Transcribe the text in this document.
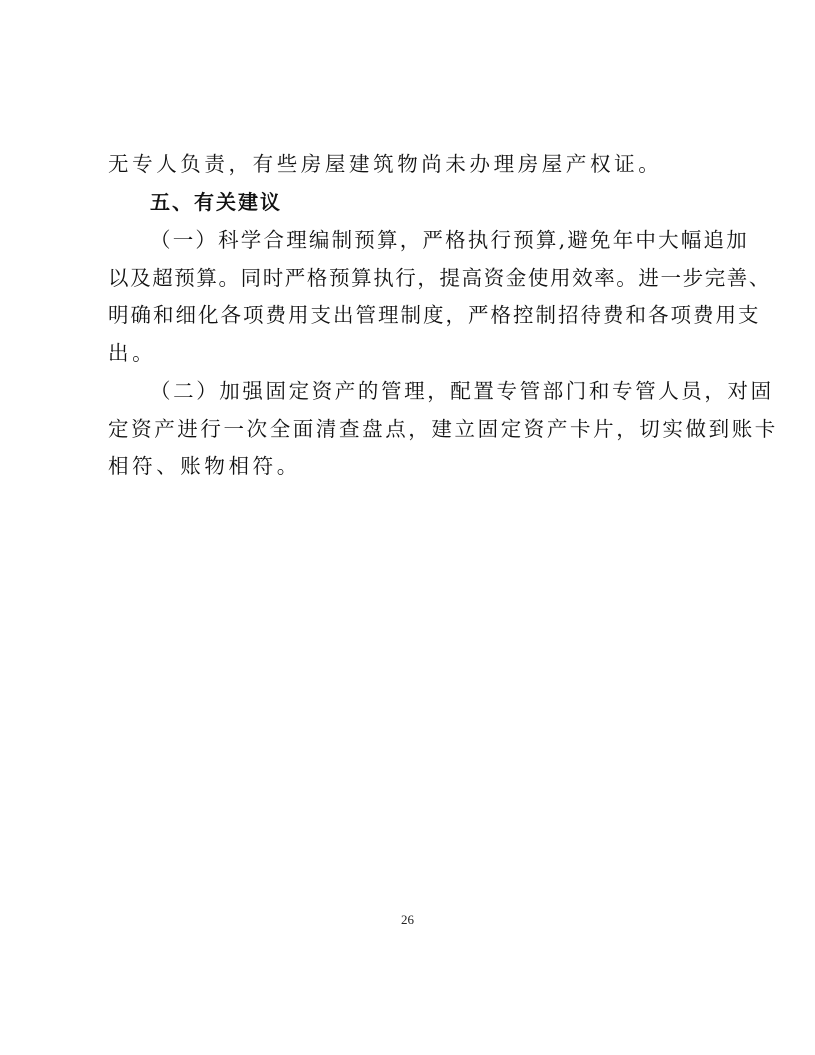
无专人负责，有些房屋建筑物尚未办理房屋产权证。
五、有关建议
（一）科学合理编制预算，严格执行预算,避免年中大幅追加
以及超预算。同时严格预算执行，提高资金使用效率。进一步完善、
明确和细化各项费用支出管理制度，严格控制招待费和各项费用支
出。
（二）加强固定资产的管理，配置专管部门和专管人员，对固
定资产进行一次全面清查盘点，建立固定资产卡片，切实做到账卡
相符、账物相符。
26
